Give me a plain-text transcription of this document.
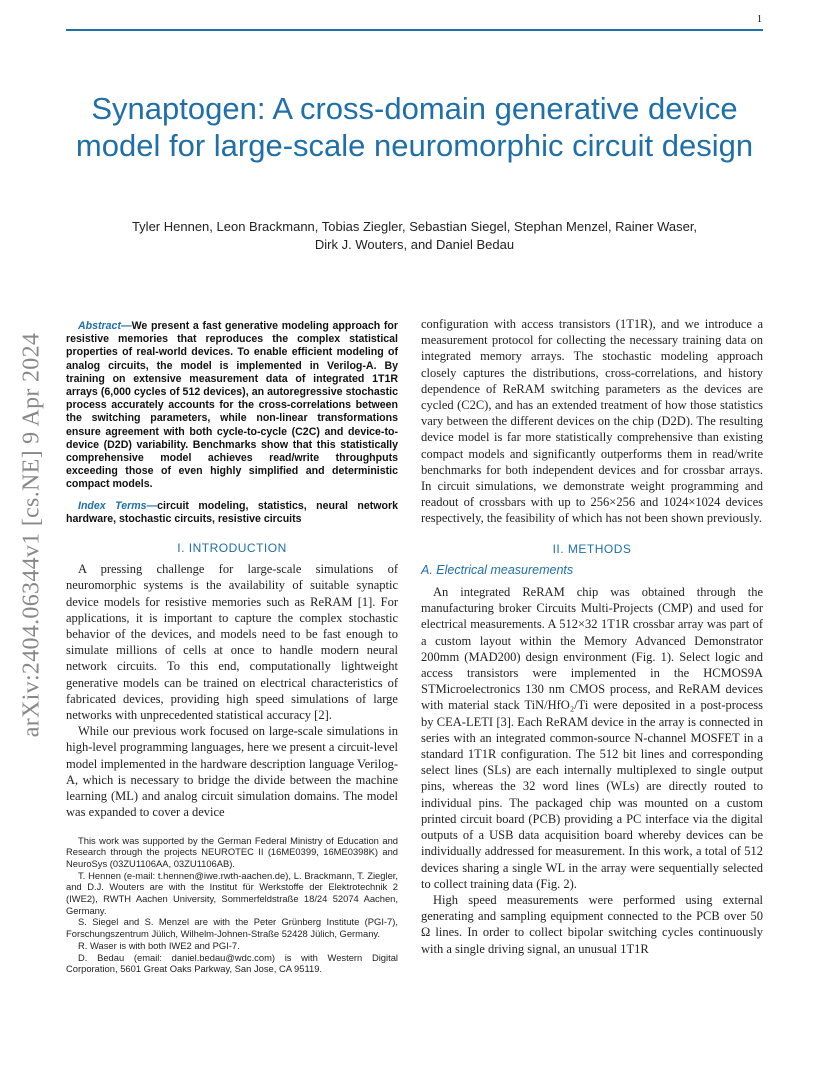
1
Synaptogen: A cross-domain generative device model for large-scale neuromorphic circuit design
Tyler Hennen, Leon Brackmann, Tobias Ziegler, Sebastian Siegel, Stephan Menzel, Rainer Waser,
Dirk J. Wouters, and Daniel Bedau
arXiv:2404.06344v1 [cs.NE] 9 Apr 2024

Abstract—We present a fast generative modeling approach for resistive memories that reproduces the complex statistical properties of real-world devices. To enable efficient modeling of analog circuits, the model is implemented in Verilog-A. By training on extensive measurement data of integrated 1T1R arrays (6,000 cycles of 512 devices), an autoregressive stochastic process accurately accounts for the cross-correlations between the switching parameters, while non-linear transformations ensure agreement with both cycle-to-cycle (C2C) and device-to-device (D2D) variability. Benchmarks show that this statistically comprehensive model achieves read/write throughputs exceeding those of even highly simplified and deterministic compact models.

Index Terms—circuit modeling, statistics, neural network hardware, stochastic circuits, resistive circuits

I. INTRODUCTION

A pressing challenge for large-scale simulations of neuromorphic systems is the availability of suitable synaptic device models for resistive memories such as ReRAM [1]. For applications, it is important to capture the complex stochastic behavior of the devices, and models need to be fast enough to simulate millions of cells at once to handle modern neural network circuits. To this end, computationally lightweight generative models can be trained on electrical characteristics of fabricated devices, providing high speed simulations of large networks with unprecedented statistical accuracy [2].

While our previous work focused on large-scale simulations in high-level programming languages, here we present a circuit-level model implemented in the hardware description language Verilog-A, which is necessary to bridge the divide between the machine learning (ML) and analog circuit simulation domains. The model was expanded to cover a device

This work was supported by the German Federal Ministry of Education and Research through the projects NEUROTEC II (16ME0399, 16ME0398K) and NeuroSys (03ZU1106AA, 03ZU1106AB).

T. Hennen (e-mail: t.hennen@iwe.rwth-aachen.de), L. Brackmann, T. Ziegler, and D.J. Wouters are with the Institut für Werkstoffe der Elektrotechnik 2 (IWE2), RWTH Aachen University, Sommerfeldstraße 18/24 52074 Aachen, Germany.

S. Siegel and S. Menzel are with the Peter Grünberg Institute (PGI-7), Forschungszentrum Jülich, Wilhelm-Johnen-Straße 52428 Jülich, Germany.

R. Waser is with both IWE2 and PGI-7.

D. Bedau (email: daniel.bedau@wdc.com) is with Western Digital Corporation, 5601 Great Oaks Parkway, San Jose, CA 95119.

configuration with access transistors (1T1R), and we introduce a measurement protocol for collecting the necessary training data on integrated memory arrays. The stochastic modeling approach closely captures the distributions, cross-correlations, and history dependence of ReRAM switching parameters as the devices are cycled (C2C), and has an extended treatment of how those statistics vary between the different devices on the chip (D2D). The resulting device model is far more statistically comprehensive than existing compact models and significantly outperforms them in read/write benchmarks for both independent devices and for crossbar arrays. In circuit simulations, we demonstrate weight programming and readout of crossbars with up to 256×256 and 1024×1024 devices respectively, the feasibility of which has not been shown previously.

II. METHODS
A. Electrical measurements

An integrated ReRAM chip was obtained through the manufacturing broker Circuits Multi-Projects (CMP) and used for electrical measurements. A 512×32 1T1R crossbar array was part of a custom layout within the Memory Advanced Demonstrator 200mm (MAD200) design environment (Fig. 1). Select logic and access transistors were implemented in the HCMOS9A STMicroelectronics 130 nm CMOS process, and ReRAM devices with material stack TiN/HfO₂/Ti were deposited in a post-process by CEA-LETI [3]. Each ReRAM device in the array is connected in series with an integrated common-source N-channel MOSFET in a standard 1T1R configuration. The 512 bit lines and corresponding select lines (SLs) are each internally multiplexed to single output pins, whereas the 32 word lines (WLs) are directly routed to individual pins. The packaged chip was mounted on a custom printed circuit board (PCB) providing a PC interface via the digital outputs of a USB data acquisition board whereby devices can be individually addressed for measurement. In this work, a total of 512 devices sharing a single WL in the array were sequentially selected to collect training data (Fig. 2).

High speed measurements were performed using external generating and sampling equipment connected to the PCB over 50 Ω lines. In order to collect bipolar switching cycles continuously with a single driving signal, an unusual 1T1R
